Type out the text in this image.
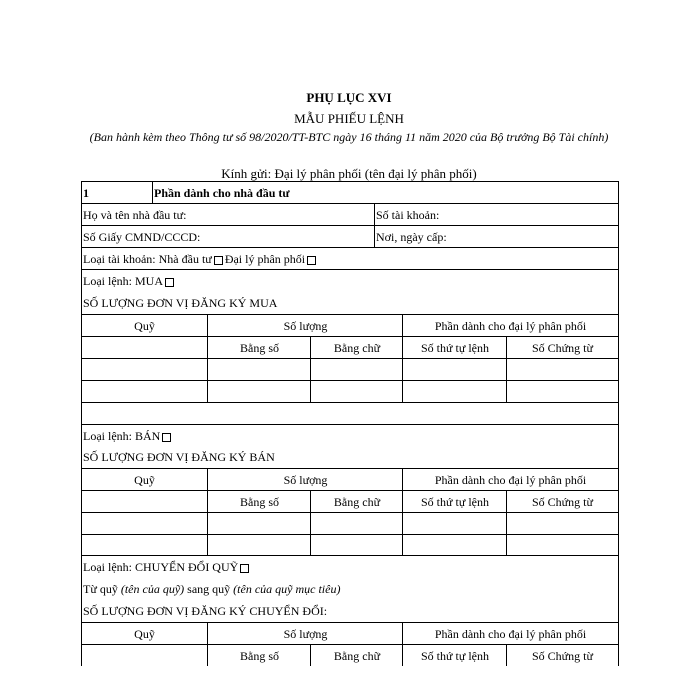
PHỤ LỤC XVI
MẪU PHIẾU LỆNH
(Ban hành kèm theo Thông tư số 98/2020/TT-BTC ngày 16 tháng 11 năm 2020 của Bộ trưởng Bộ Tài chính)
Kính gửi: Đại lý phân phối (tên đại lý phân phối)
1	Phần dành cho nhà đầu tư
Họ và tên nhà đầu tư:	Số tài khoản:
Số Giấy CMND/CCCD:	Nơi, ngày cấp:
Loại tài khoản: Nhà đầu tư Đại lý phân phối
Loại lệnh: MUA
SỐ LƯỢNG ĐƠN VỊ ĐĂNG KÝ MUA
Quỹ	Số lượng	Phần dành cho đại lý phân phối
Bằng số	Bằng chữ	Số thứ tự lệnh	Số Chứng từ
Loại lệnh: BÁN
SỐ LƯỢNG ĐƠN VỊ ĐĂNG KÝ BÁN
Quỹ	Số lượng	Phần dành cho đại lý phân phối
Bằng số	Bằng chữ	Số thứ tự lệnh	Số Chứng từ
Loại lệnh: CHUYỂN ĐỔI QUỸ
Từ quỹ (tên của quỹ) sang quỹ (tên của quỹ mục tiêu)
SỐ LƯỢNG ĐƠN VỊ ĐĂNG KÝ CHUYỂN ĐỔI:
Quỹ	Số lượng	Phần dành cho đại lý phân phối
Bằng số	Bằng chữ	Số thứ tự lệnh	Số Chứng từ
